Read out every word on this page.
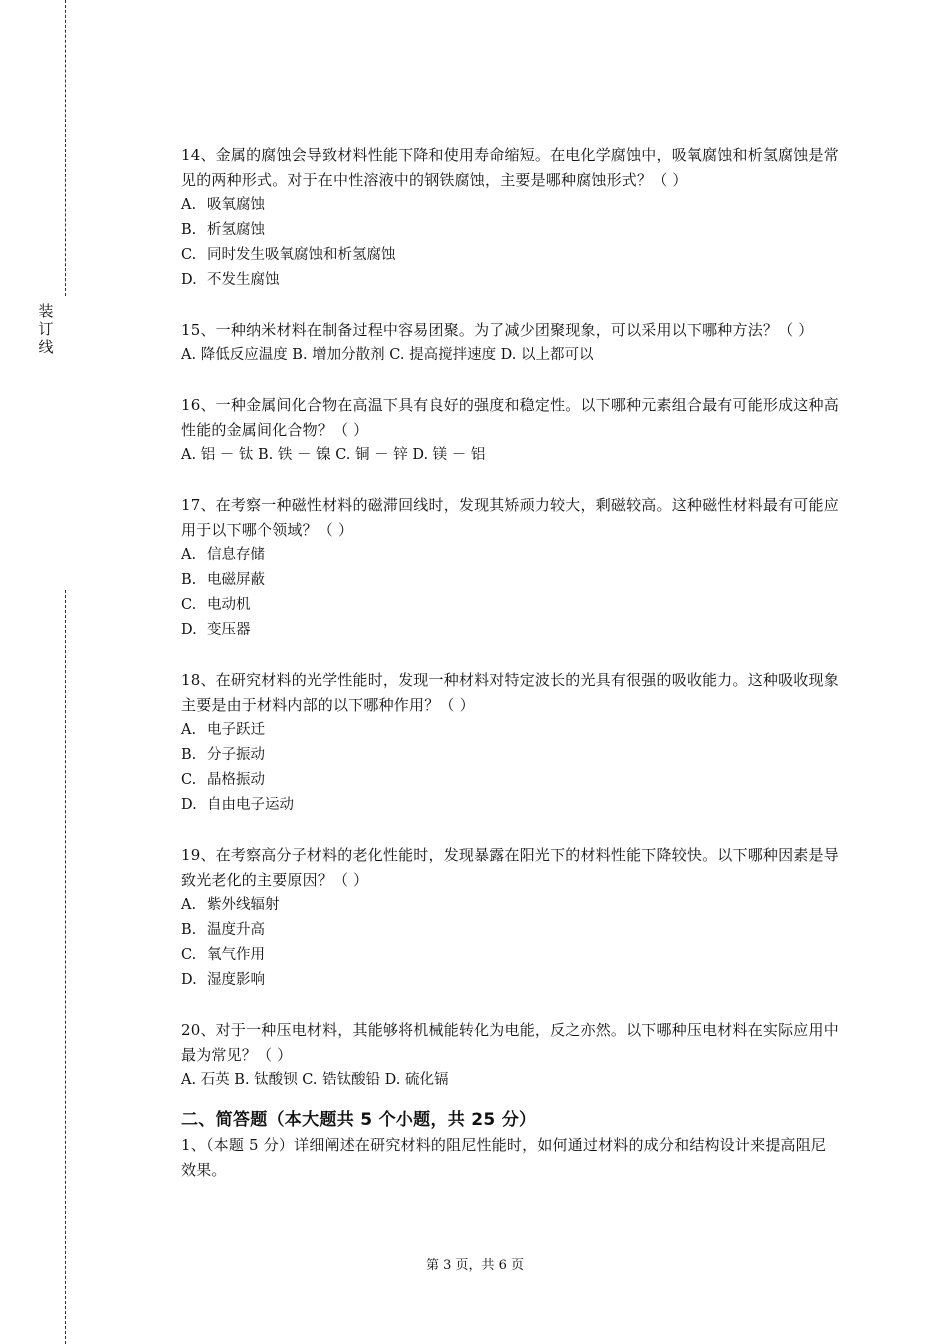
装
订
线

14、金属的腐蚀会导致材料性能下降和使用寿命缩短。在电化学腐蚀中，吸氧腐蚀和析氢腐蚀是常见的两种形式。对于在中性溶液中的钢铁腐蚀，主要是哪种腐蚀形式？（ ）

A. 吸氧腐蚀
B. 析氢腐蚀
C. 同时发生吸氧腐蚀和析氢腐蚀
D. 不发生腐蚀

15、一种纳米材料在制备过程中容易团聚。为了减少团聚现象，可以采用以下哪种方法？（ ）

A. 降低反应温度 B. 增加分散剂 C. 提高搅拌速度 D. 以上都可以

16、一种金属间化合物在高温下具有良好的强度和稳定性。以下哪种元素组合最有可能形成这种高性能的金属间化合物？（ ）

A. 铝 － 钛 B. 铁 － 镍 C. 铜 － 锌 D. 镁 － 铝

17、在考察一种磁性材料的磁滞回线时，发现其矫顽力较大，剩磁较高。这种磁性材料最有可能应用于以下哪个领域？（ ）

A. 信息存储
B. 电磁屏蔽
C. 电动机
D. 变压器

18、在研究材料的光学性能时，发现一种材料对特定波长的光具有很强的吸收能力。这种吸收现象主要是由于材料内部的以下哪种作用？（ ）

A. 电子跃迁
B. 分子振动
C. 晶格振动
D. 自由电子运动

19、在考察高分子材料的老化性能时，发现暴露在阳光下的材料性能下降较快。以下哪种因素是导致光老化的主要原因？（ ）

A. 紫外线辐射
B. 温度升高
C. 氧气作用
D. 湿度影响

20、对于一种压电材料，其能够将机械能转化为电能，反之亦然。以下哪种压电材料在实际应用中最为常见？（ ）

A. 石英 B. 钛酸钡 C. 锆钛酸铅 D. 硫化镉

二、简答题（本大题共 5 个小题，共 25 分）

1、（本题 5 分）详细阐述在研究材料的阻尼性能时，如何通过材料的成分和结构设计来提高阻尼效果。

第 3 页，共 6 页
